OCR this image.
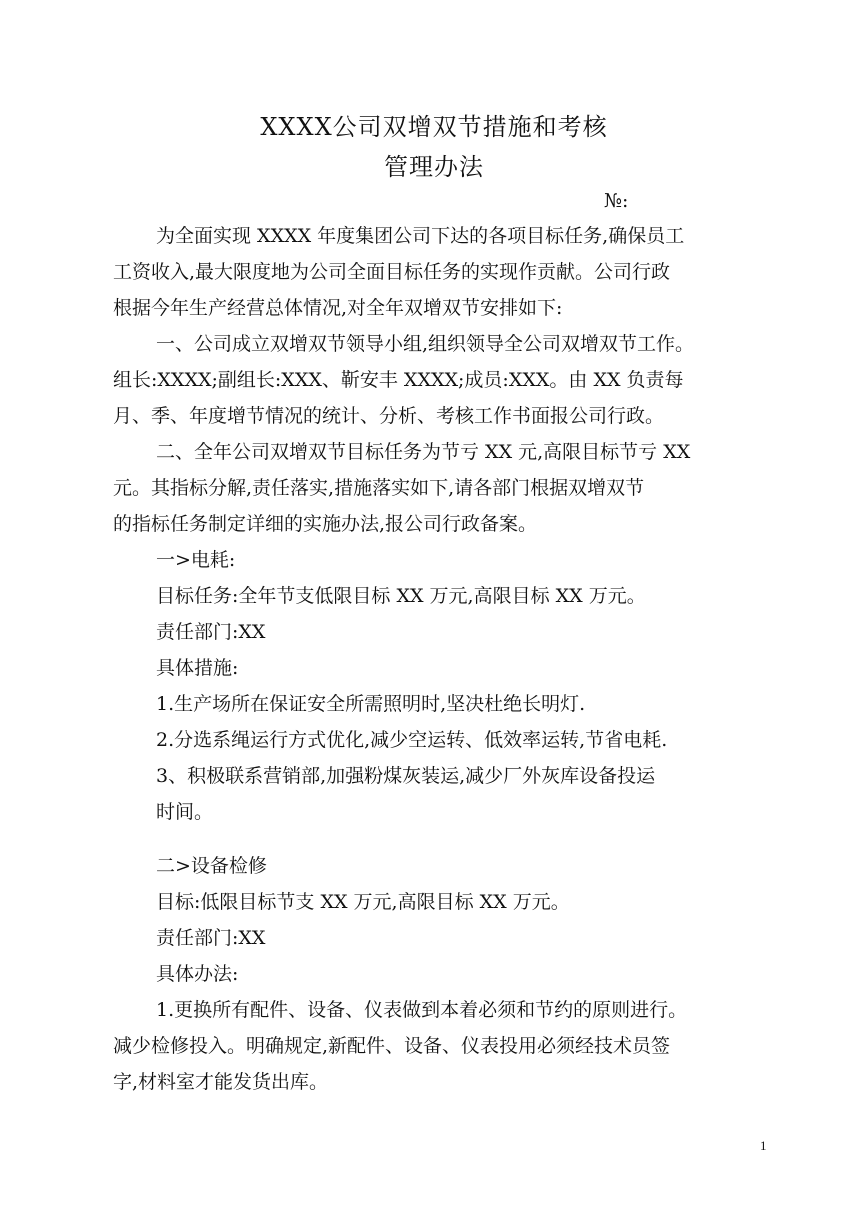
XXXX公司双增双节措施和考核
管理办法
№:
为全面实现 XXXX 年度集团公司下达的各项目标任务,确保员工
工资收入,最大限度地为公司全面目标任务的实现作贡献。公司行政
根据今年生产经营总体情况,对全年双增双节安排如下:
一、公司成立双增双节领导小组,组织领导全公司双增双节工作。
组长:XXXX;副组长:XXX、靳安丰 XXXX;成员:XXX。由 XX 负责每
月、季、年度增节情况的统计、分析、考核工作书面报公司行政。
二、全年公司双增双节目标任务为节亏 XX 元,高限目标节亏 XX
元。其指标分解,责任落实,措施落实如下,请各部门根据双增双节
的指标任务制定详细的实施办法,报公司行政备案。
一>电耗:
目标任务:全年节支低限目标 XX 万元,高限目标 XX 万元。
责任部门:XX
具体措施:
1.生产场所在保证安全所需照明时,坚决杜绝长明灯.
2.分选系绳运行方式优化,减少空运转、低效率运转,节省电耗.
3、积极联系营销部,加强粉煤灰装运,减少厂外灰库设备投运
时间。
二>设备检修
目标:低限目标节支 XX 万元,高限目标 XX 万元。
责任部门:XX
具体办法:
1.更换所有配件、设备、仪表做到本着必须和节约的原则进行。
减少检修投入。明确规定,新配件、设备、仪表投用必须经技术员签
字,材料室才能发货出库。
1
